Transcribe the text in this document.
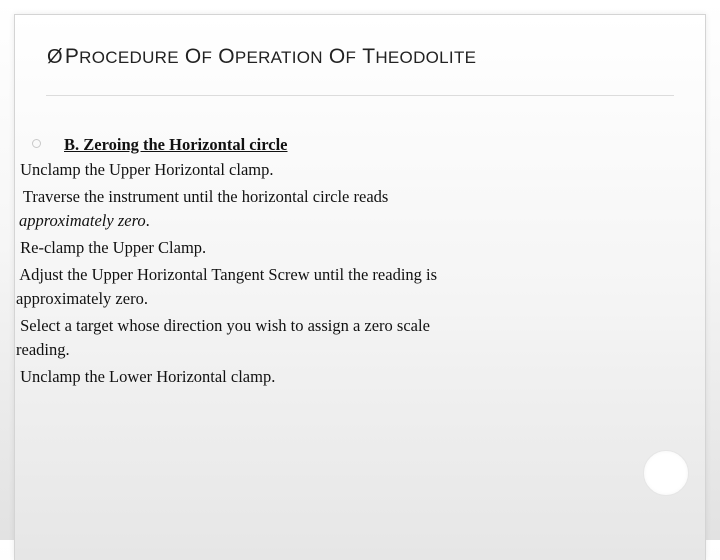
Ø P ROCEDURE O F O PERATION O F T HEODOLITE
B. Zeroing the Horizontal circle
Unclamp the Upper Horizontal clamp.
Traverse the instrument until the horizontal circle reads
approximately zero.
Re-clamp the Upper Clamp.
Adjust the Upper Horizontal Tangent Screw until the reading is
approximately zero.
Select a target whose direction you wish to assign a zero scale
reading.
Unclamp the Lower Horizontal clamp.
